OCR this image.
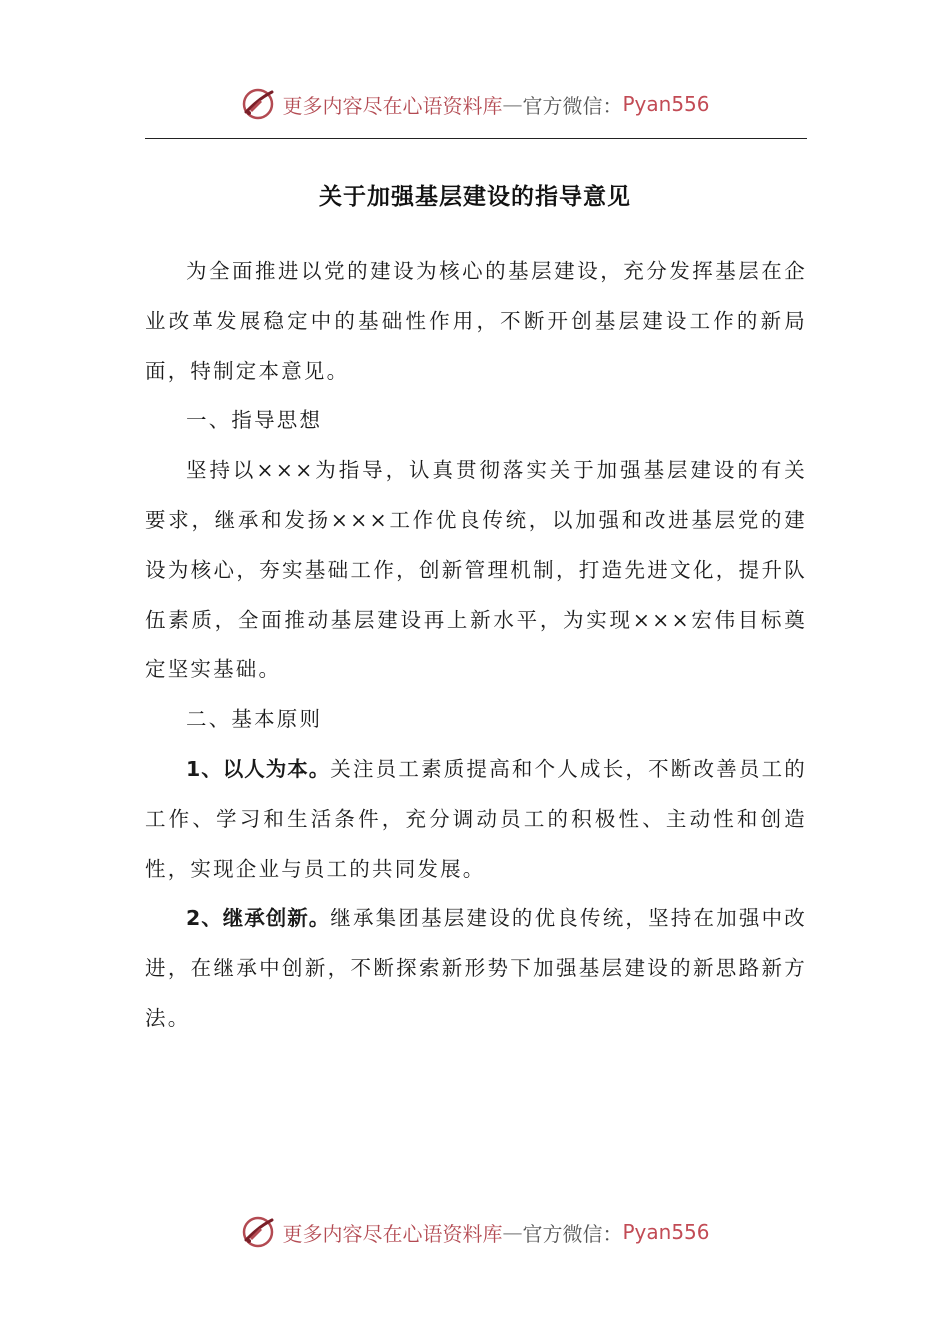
更多内容尽在心语资料库 — 官方微信： Pyan556
关于加强基层建设的指导意见

为全面推进以党的建设为核心的基层建设，充分发挥基层在企业改革发展稳定中的基础性作用，不断开创基层建设工作的新局面，特制定本意见。

一、指导思想

坚持以×××为指导，认真贯彻落实关于加强基层建设的有关要求，继承和发扬×××工作优良传统，以加强和改进基层党的建设为核心，夯实基础工作，创新管理机制，打造先进文化，提升队伍素质，全面推动基层建设再上新水平，为实现×××宏伟目标奠定坚实基础。

二、基本原则

1、以人为本。关注员工素质提高和个人成长，不断改善员工的工作、学习和生活条件，充分调动员工的积极性、主动性和创造性，实现企业与员工的共同发展。

2、继承创新。继承集团基层建设的优良传统，坚持在加强中改进，在继承中创新，不断探索新形势下加强基层建设的新思路新方法。

更多内容尽在心语资料库 — 官方微信： Pyan556
